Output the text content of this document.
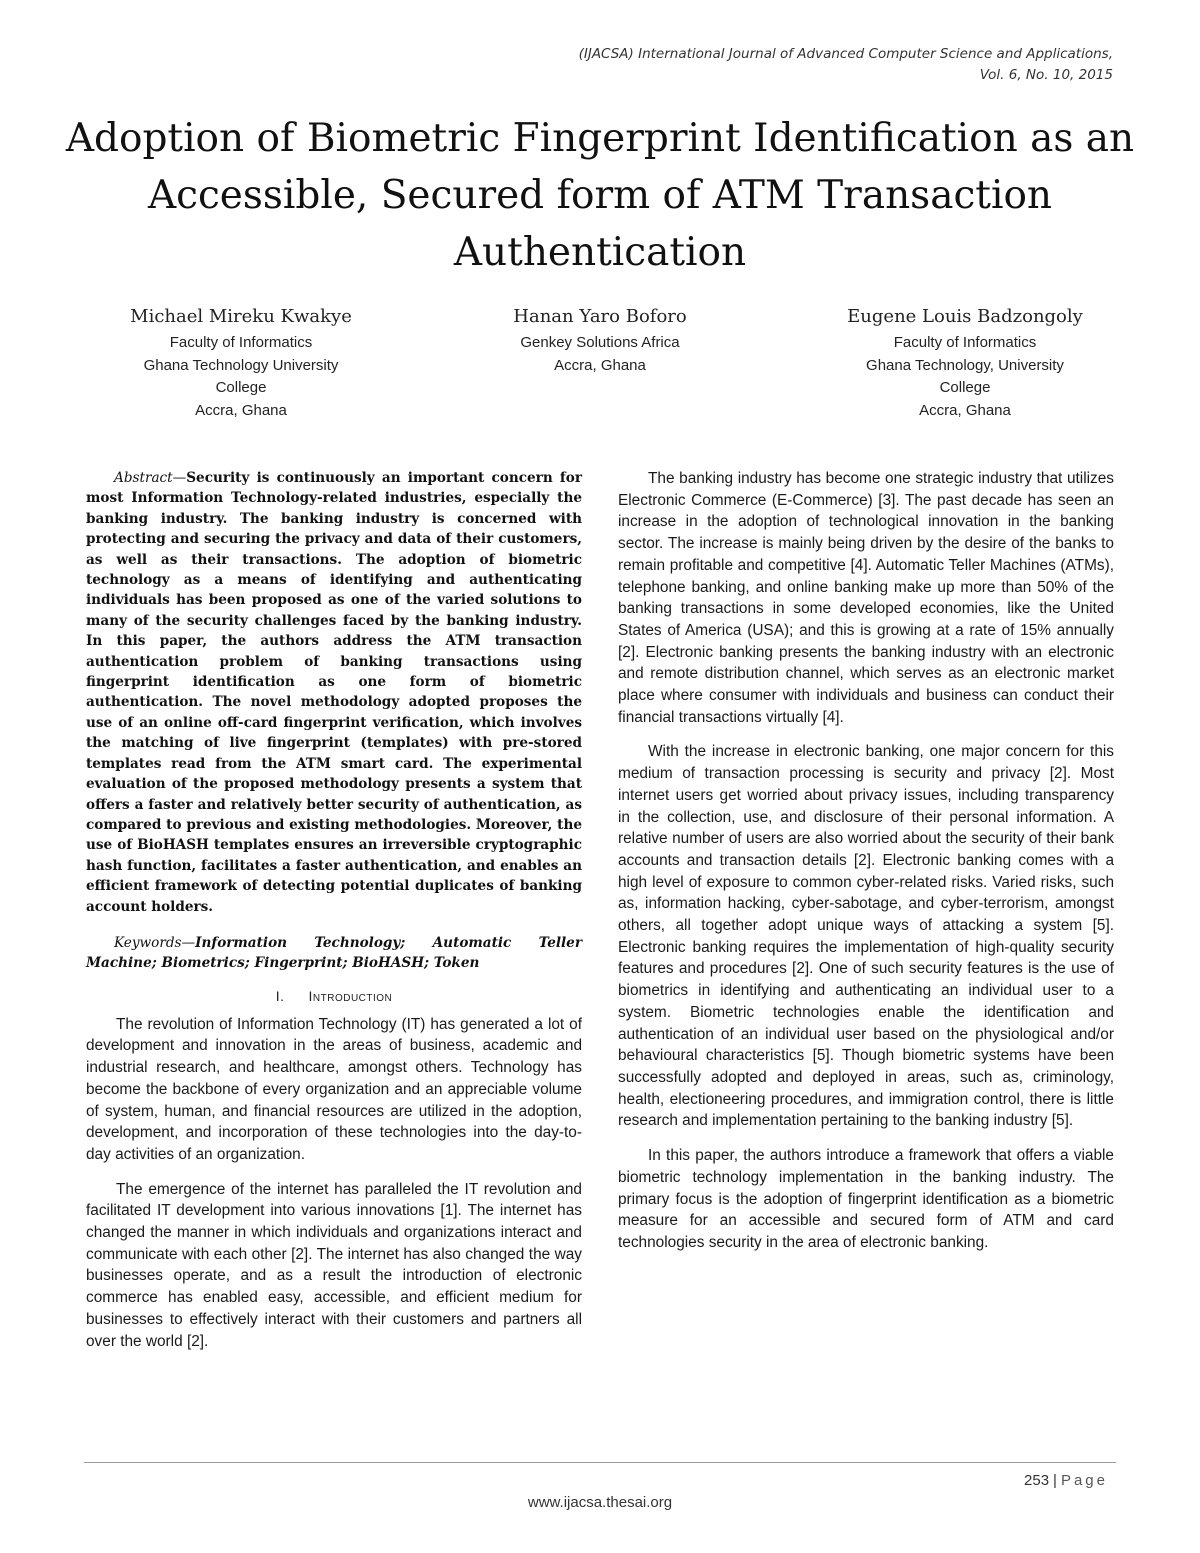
(IJACSA) International Journal of Advanced Computer Science and Applications,
Vol. 6, No. 10, 2015
Adoption of Biometric Fingerprint Identification as an
Accessible, Secured form of ATM Transaction
Authentication
Michael Mireku Kwakye
Faculty of Informatics
Ghana Technology University
College
Accra, Ghana
Hanan Yaro Boforo
Genkey Solutions Africa
Accra, Ghana
Eugene Louis Badzongoly
Faculty of Informatics
Ghana Technology, University
College
Accra, Ghana

Abstract—Security is continuously an important concern for most Information Technology-related industries, especially the banking industry. The banking industry is concerned with protecting and securing the privacy and data of their customers, as well as their transactions. The adoption of biometric technology as a means of identifying and authenticating individuals has been proposed as one of the varied solutions to many of the security challenges faced by the banking industry. In this paper, the authors address the ATM transaction authentication problem of banking transactions using fingerprint identification as one form of biometric authentication. The novel methodology adopted proposes the use of an online off-card fingerprint verification, which involves the matching of live fingerprint (templates) with pre-stored templates read from the ATM smart card. The experimental evaluation of the proposed methodology presents a system that offers a faster and relatively better security of authentication, as compared to previous and existing methodologies. Moreover, the use of BioHASH templates ensures an irreversible cryptographic hash function, facilitates a faster authentication, and enables an efficient framework of detecting potential duplicates of banking account holders.

Keywords—Information Technology; Automatic Teller Machine; Biometrics; Fingerprint; BioHASH; Token

I. Introduction

The revolution of Information Technology (IT) has generated a lot of development and innovation in the areas of business, academic and industrial research, and healthcare, amongst others. Technology has become the backbone of every organization and an appreciable volume of system, human, and financial resources are utilized in the adoption, development, and incorporation of these technologies into the day-to-day activities of an organization.

The emergence of the internet has paralleled the IT revolution and facilitated IT development into various innovations [1]. The internet has changed the manner in which individuals and organizations interact and communicate with each other [2]. The internet has also changed the way businesses operate, and as a result the introduction of electronic commerce has enabled easy, accessible, and efficient medium for businesses to effectively interact with their customers and partners all over the world [2].

The banking industry has become one strategic industry that utilizes Electronic Commerce (E-Commerce) [3]. The past decade has seen an increase in the adoption of technological innovation in the banking sector. The increase is mainly being driven by the desire of the banks to remain profitable and competitive [4]. Automatic Teller Machines (ATMs), telephone banking, and online banking make up more than 50% of the banking transactions in some developed economies, like the United States of America (USA); and this is growing at a rate of 15% annually [2]. Electronic banking presents the banking industry with an electronic and remote distribution channel, which serves as an electronic market place where consumer with individuals and business can conduct their financial transactions virtually [4].

With the increase in electronic banking, one major concern for this medium of transaction processing is security and privacy [2]. Most internet users get worried about privacy issues, including transparency in the collection, use, and disclosure of their personal information. A relative number of users are also worried about the security of their bank accounts and transaction details [2]. Electronic banking comes with a high level of exposure to common cyber-related risks. Varied risks, such as, information hacking, cyber-sabotage, and cyber-terrorism, amongst others, all together adopt unique ways of attacking a system [5]. Electronic banking requires the implementation of high-quality security features and procedures [2]. One of such security features is the use of biometrics in identifying and authenticating an individual user to a system. Biometric technologies enable the identification and authentication of an individual user based on the physiological and/or behavioural characteristics [5]. Though biometric systems have been successfully adopted and deployed in areas, such as, criminology, health, electioneering procedures, and immigration control, there is little research and implementation pertaining to the banking industry [5].

In this paper, the authors introduce a framework that offers a viable biometric technology implementation in the banking industry. The primary focus is the adoption of fingerprint identification as a biometric measure for an accessible and secured form of ATM and card technologies security in the area of electronic banking.

253 | Page
www.ijacsa.thesai.org
